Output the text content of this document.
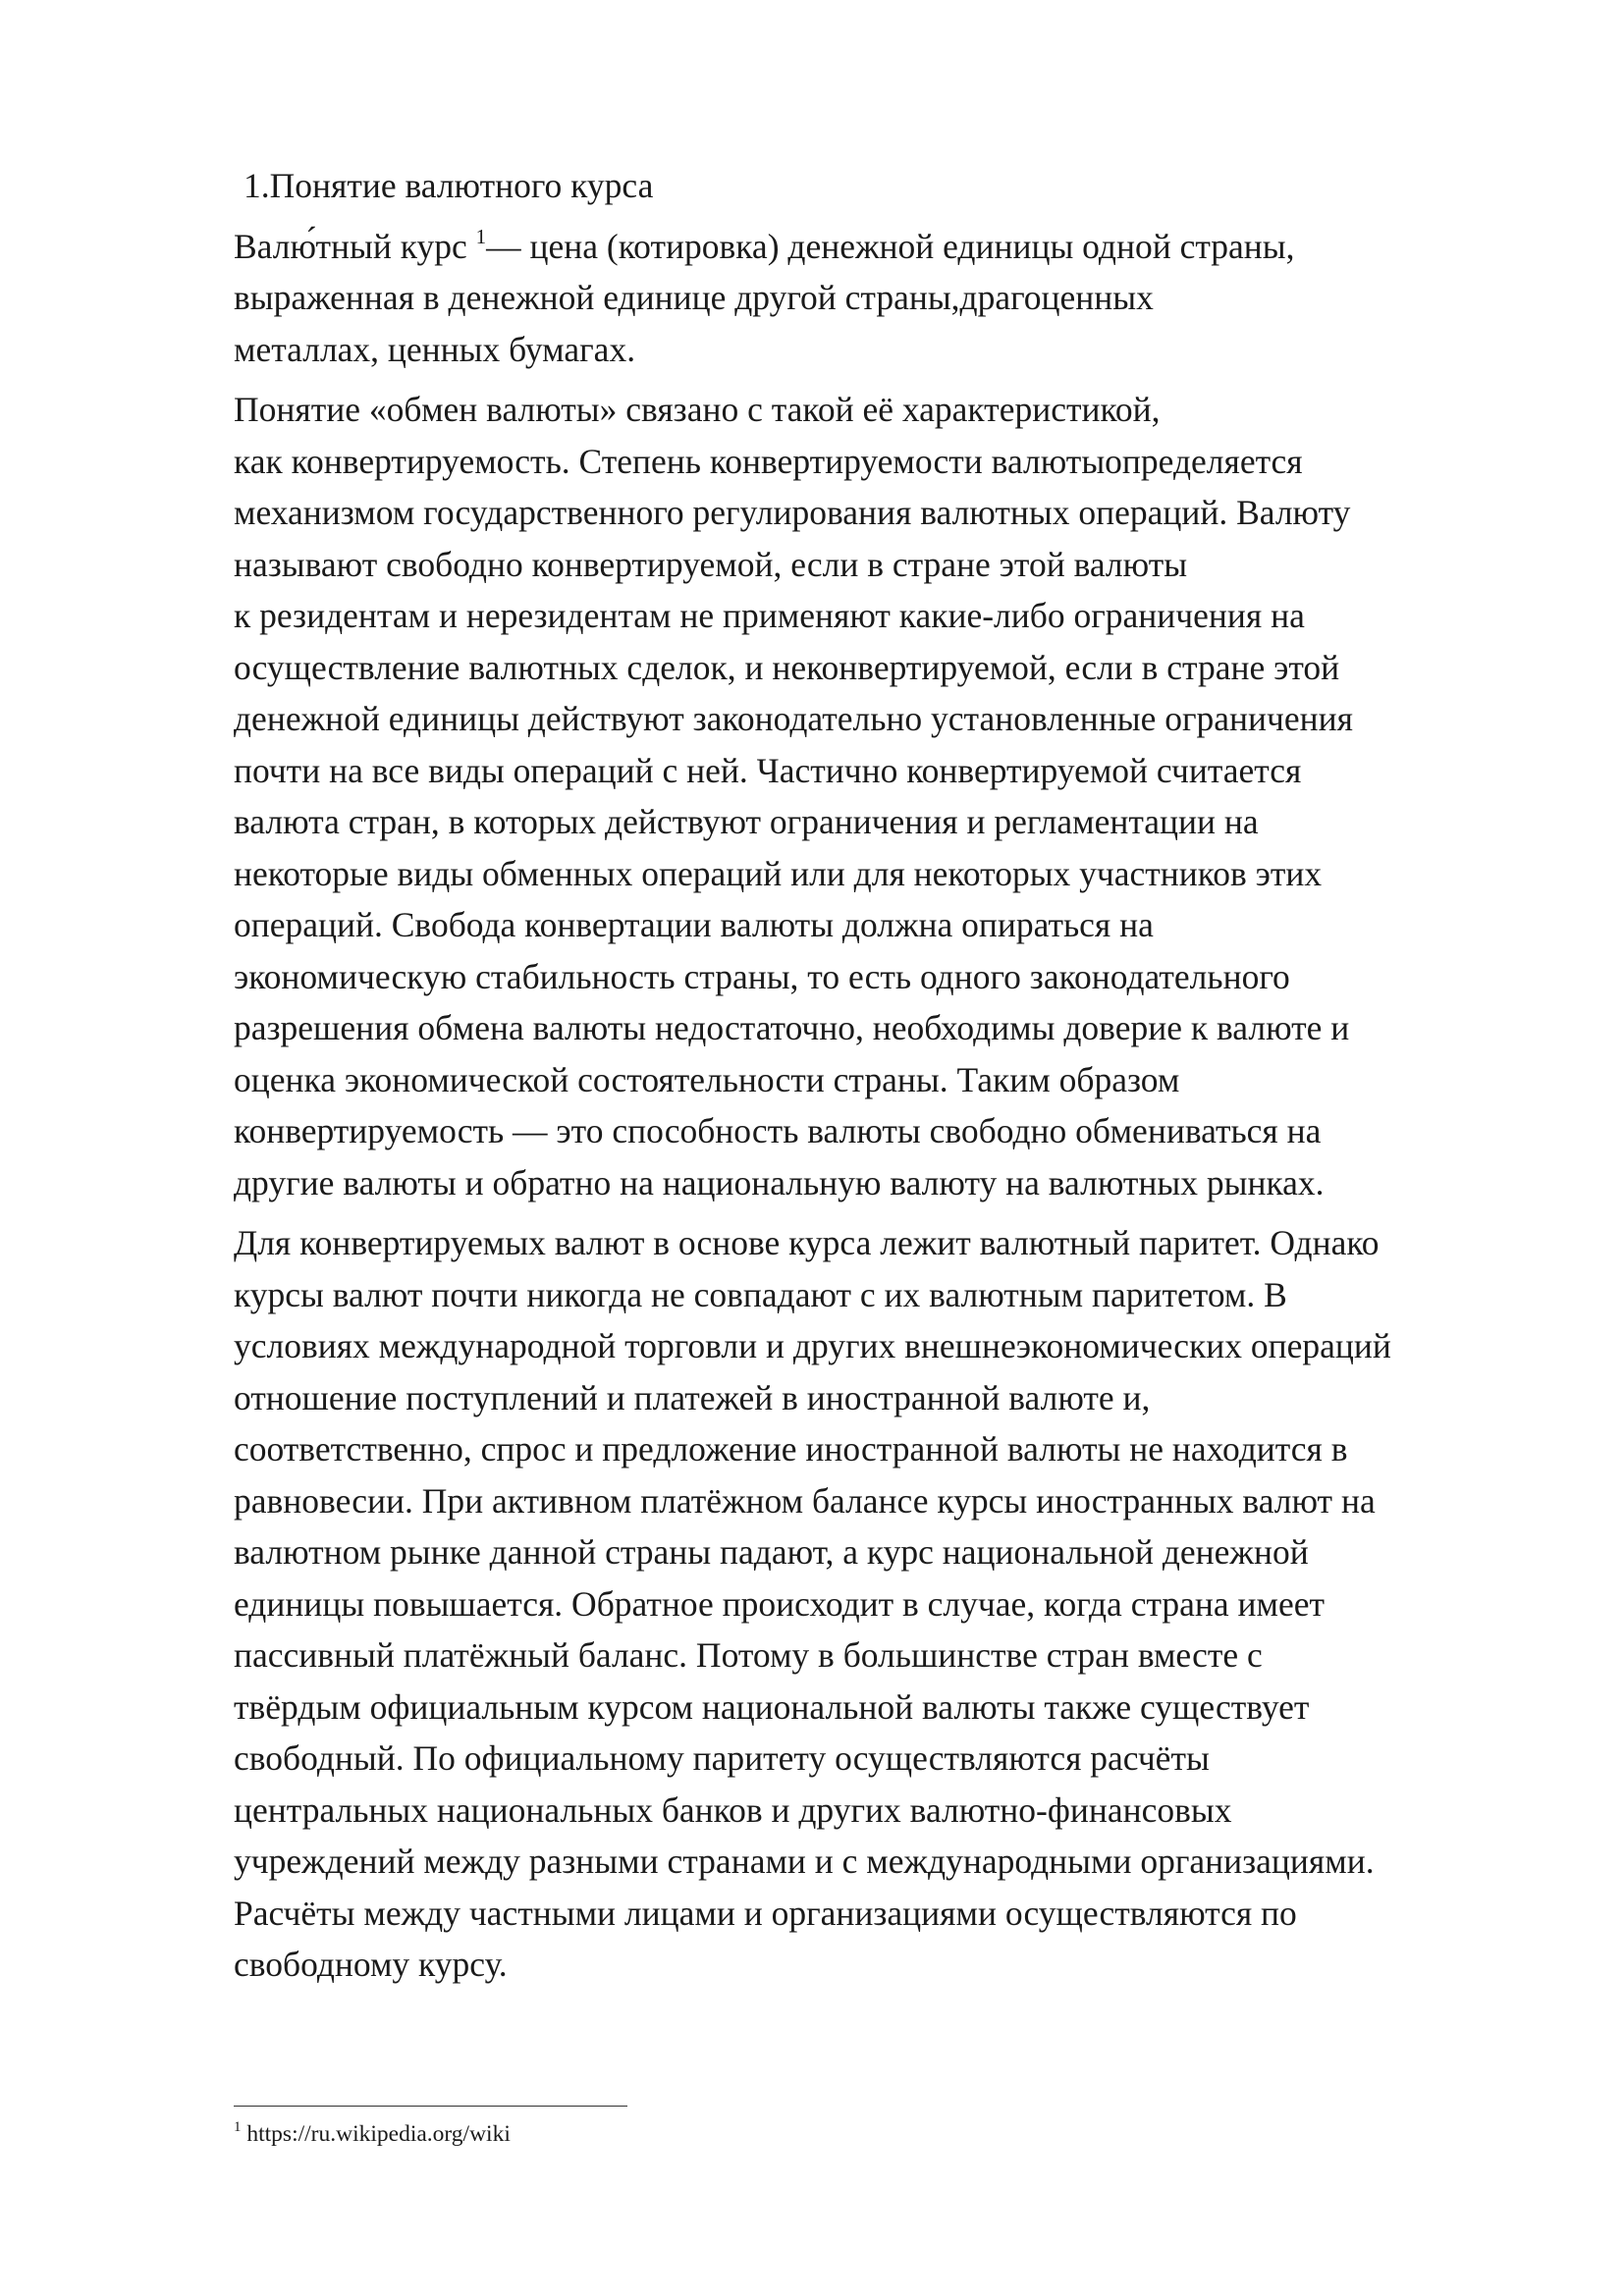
1.Понятие валютного курса
Валю́тный курс $^1$— цена (котировка) денежной единицы одной страны,
выраженная в денежной единице другой страны,драгоценных
металлах, ценных бумагах.
Понятие «обмен валюты» связано с такой её характеристикой,
как конвертируемость. Степень конвертируемости валютыопределяется
механизмом государственного регулирования валютных операций. Валюту
называют свободно конвертируемой, если в стране этой валюты
к резидентам и нерезидентам не применяют какие-либо ограничения на
осуществление валютных сделок, и неконвертируемой, если в стране этой
денежной единицы действуют законодательно установленные ограничения
почти на все виды операций с ней. Частично конвертируемой считается
валюта стран, в которых действуют ограничения и регламентации на
некоторые виды обменных операций или для некоторых участников этих
операций. Свобода конвертации валюты должна опираться на
экономическую стабильность страны, то есть одного законодательного
разрешения обмена валюты недостаточно, необходимы доверие к валюте и
оценка экономической состоятельности страны. Таким образом
конвертируемость — это способность валюты свободно обмениваться на
другие валюты и обратно на национальную валюту на валютных рынках.
Для конвертируемых валют в основе курса лежит валютный паритет. Однако
курсы валют почти никогда не совпадают с их валютным паритетом. В
условиях международной торговли и других внешнеэкономических операций
отношение поступлений и платежей в иностранной валюте и,
соответственно, спрос и предложение иностранной валюты не находится в
равновесии. При активном платёжном балансе курсы иностранных валют на
валютном рынке данной страны падают, а курс национальной денежной
единицы повышается. Обратное происходит в случае, когда страна имеет
пассивный платёжный баланс. Потому в большинстве стран вместе с
твёрдым официальным курсом национальной валюты также существует
свободный. По официальному паритету осуществляются расчёты
центральных национальных банков и других валютно-финансовых
учреждений между разными странами и с международными организациями.
Расчёты между частными лицами и организациями осуществляются по
свободному курсу.
$^1$ https://ru.wikipedia.org/wiki
